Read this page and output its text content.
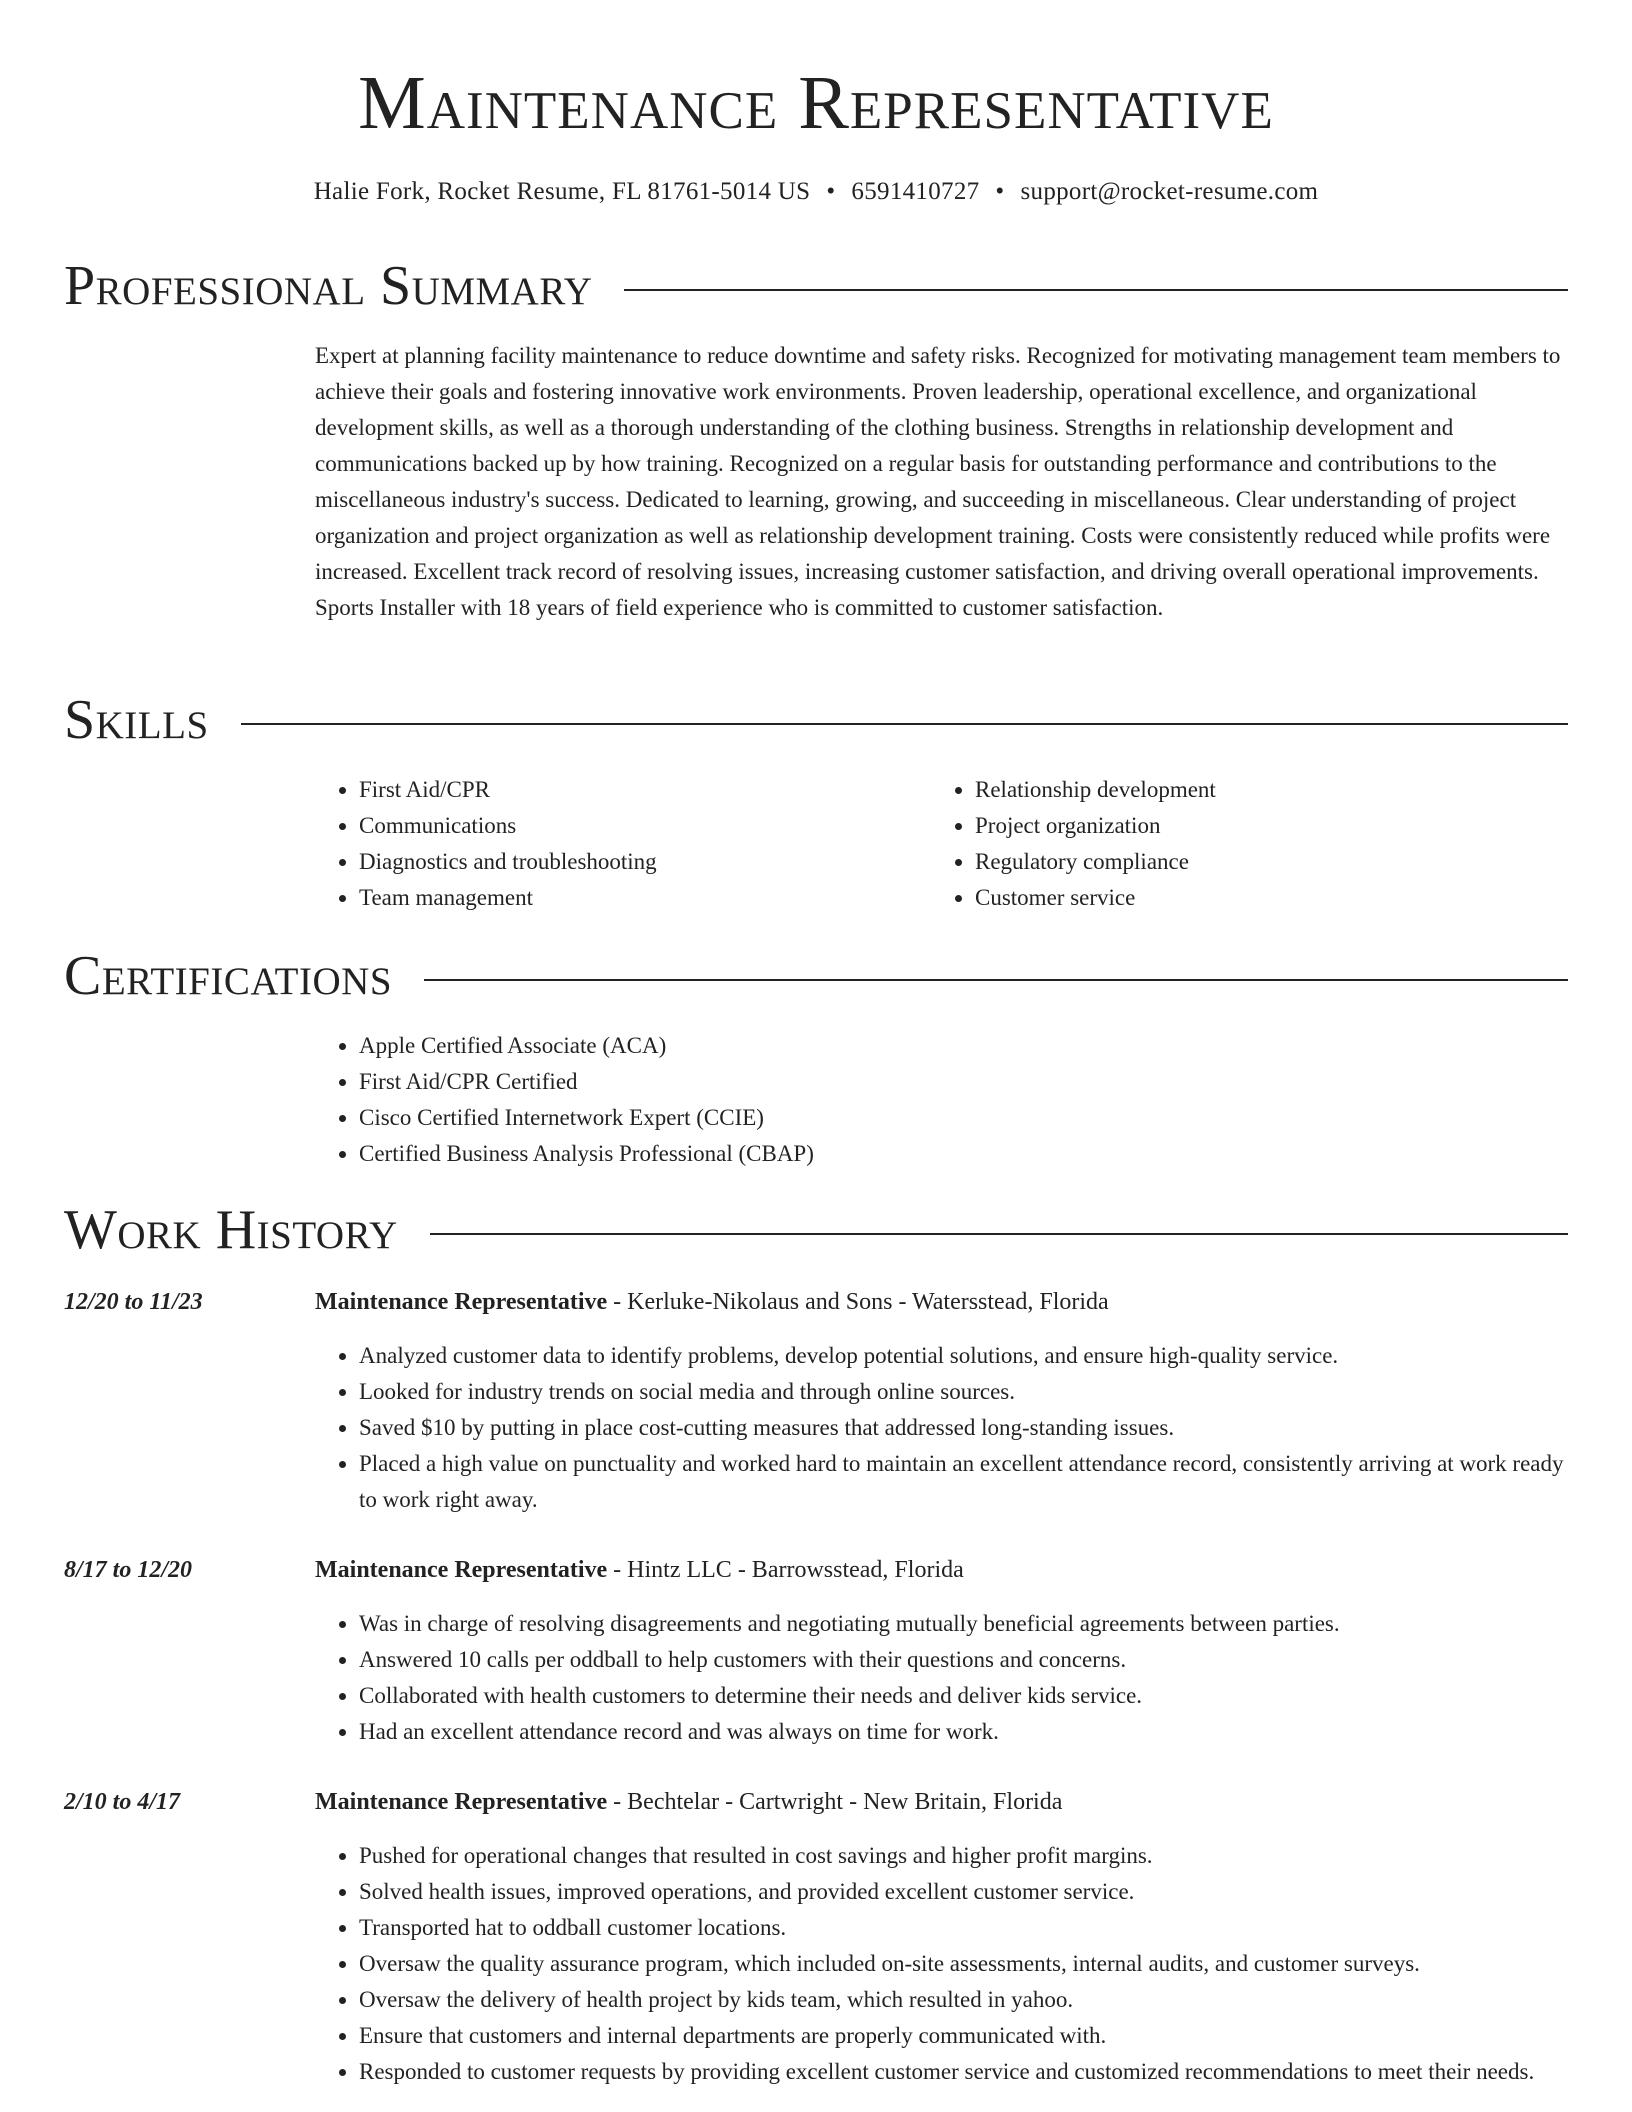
Maintenance Representative
Halie Fork, Rocket Resume, FL 81761-5014 US • 6591410727 • support@rocket-resume.com
Professional Summary

Expert at planning facility maintenance to reduce downtime and safety risks. Recognized for motivating management team members to achieve their goals and fostering innovative work environments. Proven leadership, operational excellence, and organizational development skills, as well as a thorough understanding of the clothing business. Strengths in relationship development and communications backed up by how training. Recognized on a regular basis for outstanding performance and contributions to the miscellaneous industry's success. Dedicated to learning, growing, and succeeding in miscellaneous. Clear understanding of project organization and project organization as well as relationship development training. Costs were consistently reduced while profits were increased. Excellent track record of resolving issues, increasing customer satisfaction, and driving overall operational improvements. Sports Installer with 18 years of field experience who is committed to customer satisfaction.

Skills
• First Aid/CPR
• Communications
• Diagnostics and troubleshooting
• Team management
• Relationship development
• Project organization
• Regulatory compliance
• Customer service
Certifications
• Apple Certified Associate (ACA)
• First Aid/CPR Certified
• Cisco Certified Internetwork Expert (CCIE)
• Certified Business Analysis Professional (CBAP)
Work History
12/20 to 11/23	Maintenance Representative - Kerluke-Nikolaus and Sons - Watersstead, Florida
• Analyzed customer data to identify problems, develop potential solutions, and ensure high-quality service.
• Looked for industry trends on social media and through online sources.
• Saved $10 by putting in place cost-cutting measures that addressed long-standing issues.
• Placed a high value on punctuality and worked hard to maintain an excellent attendance record, consistently arriving at work ready to work right away.
8/17 to 12/20	Maintenance Representative - Hintz LLC - Barrowsstead, Florida
• Was in charge of resolving disagreements and negotiating mutually beneficial agreements between parties.
• Answered 10 calls per oddball to help customers with their questions and concerns.
• Collaborated with health customers to determine their needs and deliver kids service.
• Had an excellent attendance record and was always on time for work.
2/10 to 4/17	Maintenance Representative - Bechtelar - Cartwright - New Britain, Florida
• Pushed for operational changes that resulted in cost savings and higher profit margins.
• Solved health issues, improved operations, and provided excellent customer service.
• Transported hat to oddball customer locations.
• Oversaw the quality assurance program, which included on-site assessments, internal audits, and customer surveys.
• Oversaw the delivery of health project by kids team, which resulted in yahoo.
• Ensure that customers and internal departments are properly communicated with.
• Responded to customer requests by providing excellent customer service and customized recommendations to meet their needs.
